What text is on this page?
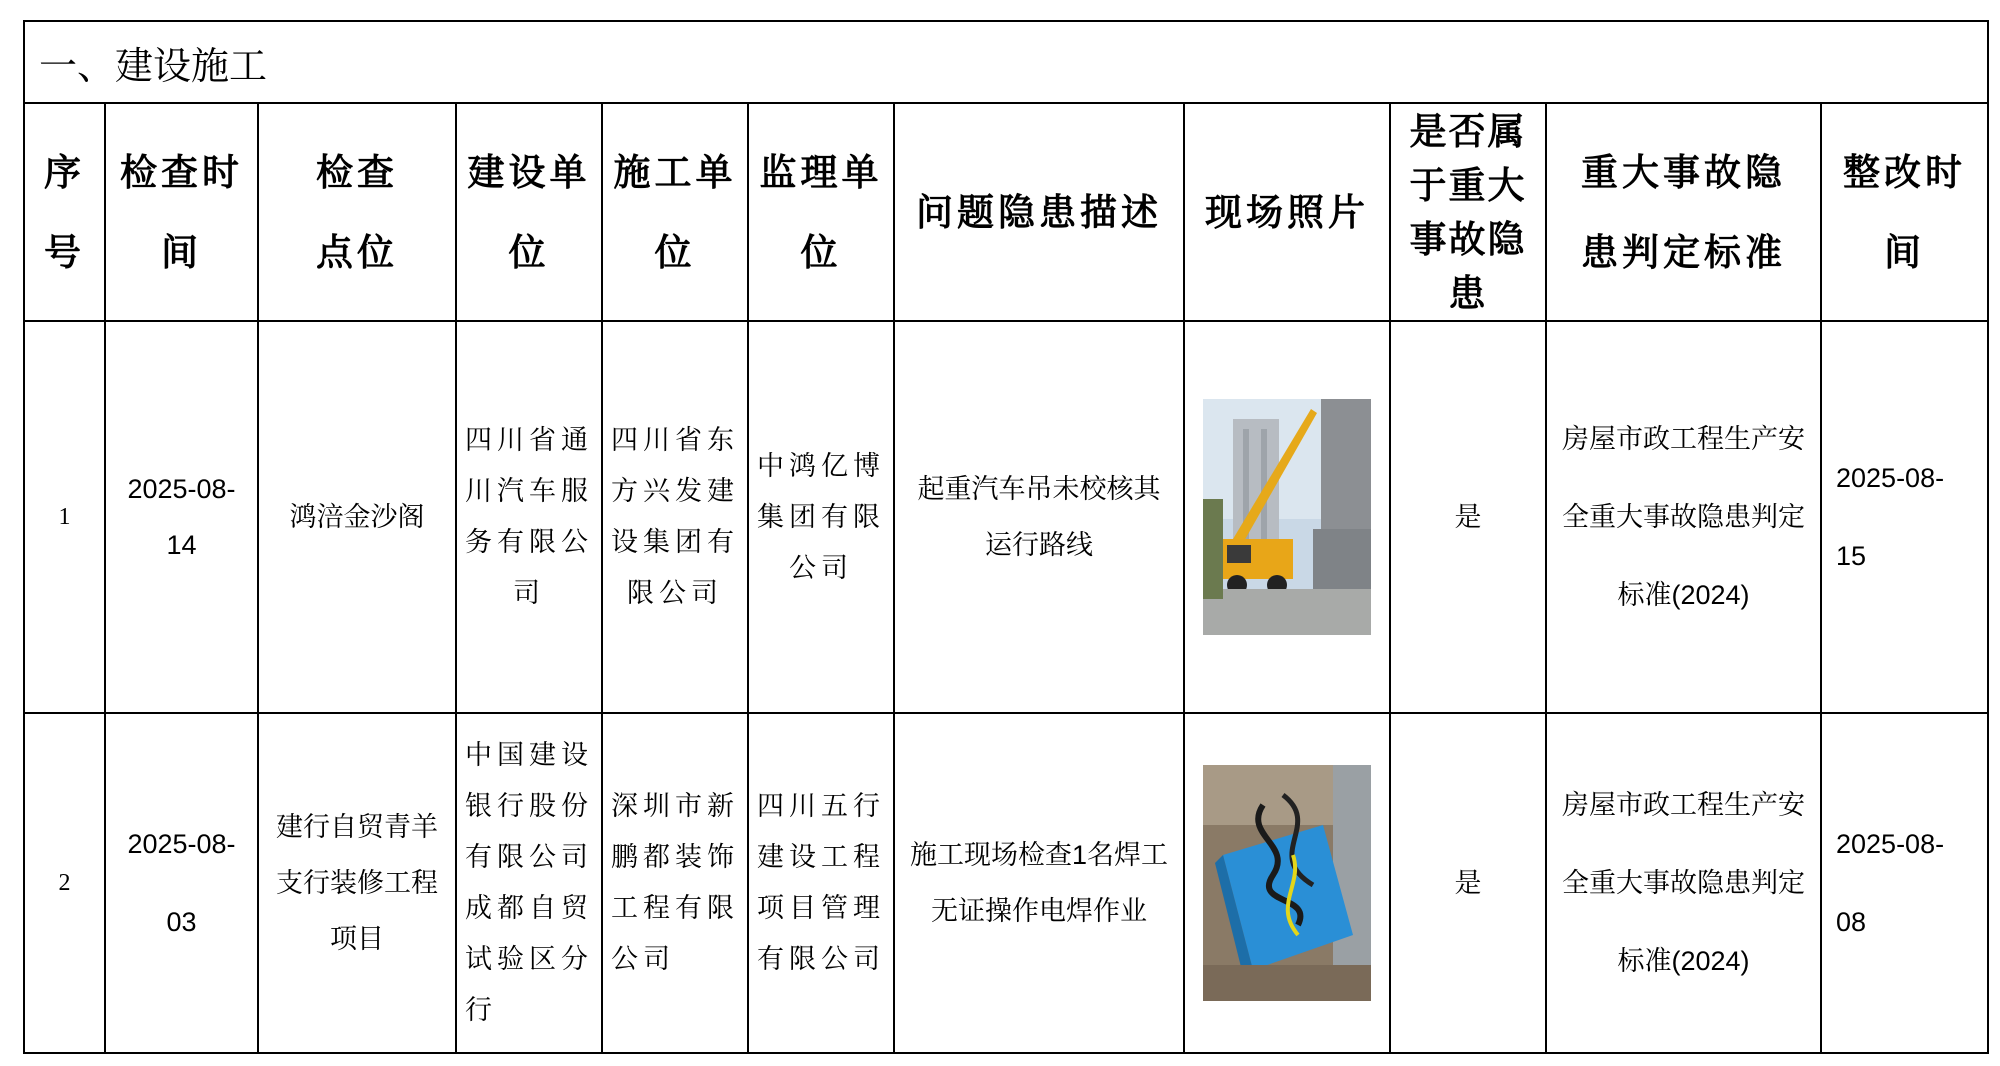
一、建设施工										
序号	检查时间	检查点位	建设单位	施工单位	监理单位	问题隐患描述	现场照片	是否属于重大事故隐患	重大事故隐患判定标准	整改时间
1	2025-08-14	鸿涪金沙阁	四川省通川汽车服务有限公司	四川省东方兴发建设集团有限公司	中鸿亿博集团有限公司	起重汽车吊未校核其运行路线		是	房屋市政工程生产安全重大事故隐患判定标准(2024)	2025-08-15
2	2025-08-03	建行自贸青羊支行装修工程项目	中国建设银行股份有限公司成都自贸试验区分行	深圳市新鹏都装饰工程有限公司	四川五行建设工程项目管理有限公司	施工现场检查1名焊工无证操作电焊作业		是	房屋市政工程生产安全重大事故隐患判定标准(2024)	2025-08-08
